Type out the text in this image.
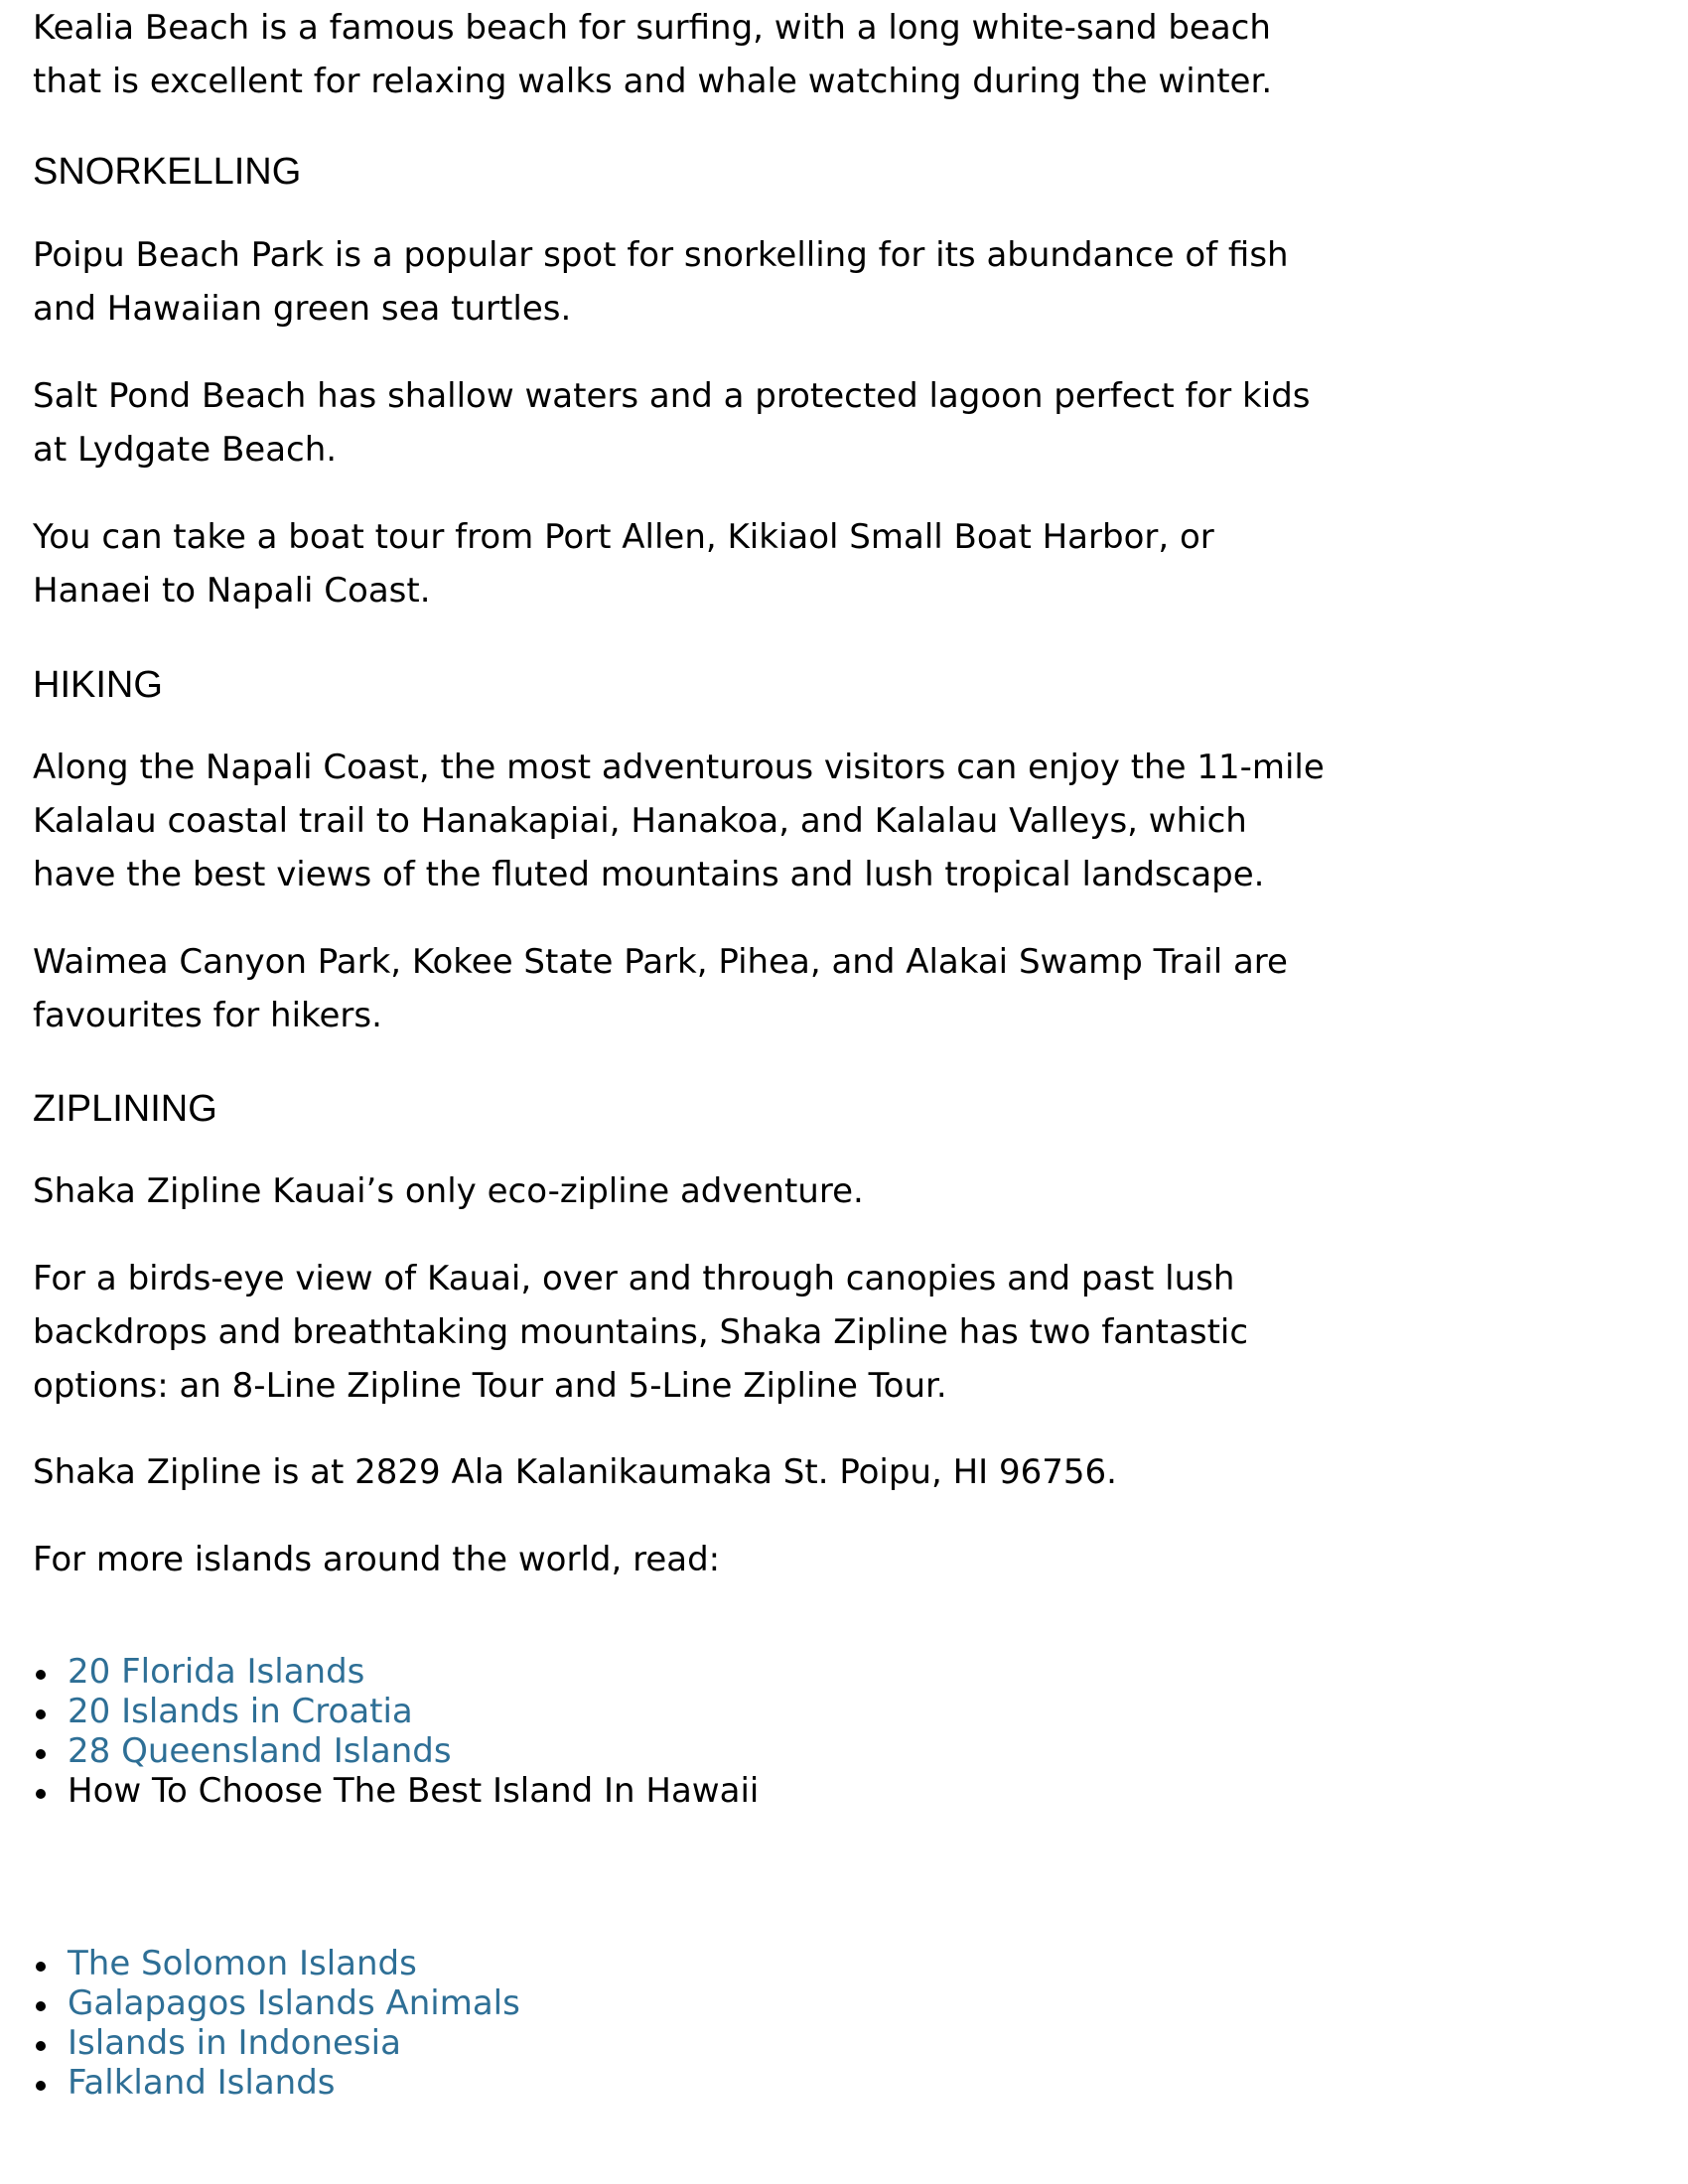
Kealia Beach is a famous beach for surfing, with a long white-sand beach
that is excellent for relaxing walks and whale watching during the winter.
SNORKELLING
Poipu Beach Park is a popular spot for snorkelling for its abundance of fish
and Hawaiian green sea turtles.
Salt Pond Beach has shallow waters and a protected lagoon perfect for kids
at Lydgate Beach.
You can take a boat tour from Port Allen, Kikiaol Small Boat Harbor, or
Hanaei to Napali Coast.
HIKING
Along the Napali Coast, the most adventurous visitors can enjoy the 11-mile
Kalalau coastal trail to Hanakapiai, Hanakoa, and Kalalau Valleys, which
have the best views of the fluted mountains and lush tropical landscape.
Waimea Canyon Park, Kokee State Park, Pihea, and Alakai Swamp Trail are
favourites for hikers.
ZIPLINING
Shaka Zipline Kauai’s only eco-zipline adventure.
For a birds-eye view of Kauai, over and through canopies and past lush
backdrops and breathtaking mountains, Shaka Zipline has two fantastic
options: an 8-Line Zipline Tour and 5-Line Zipline Tour.
Shaka Zipline is at 2829 Ala Kalanikaumaka St. Poipu, HI 96756.
For more islands around the world, read:
20 Florida Islands
20 Islands in Croatia
28 Queensland Islands
How To Choose The Best Island In Hawaii
The Solomon Islands
Galapagos Islands Animals
Islands in Indonesia
Falkland Islands
